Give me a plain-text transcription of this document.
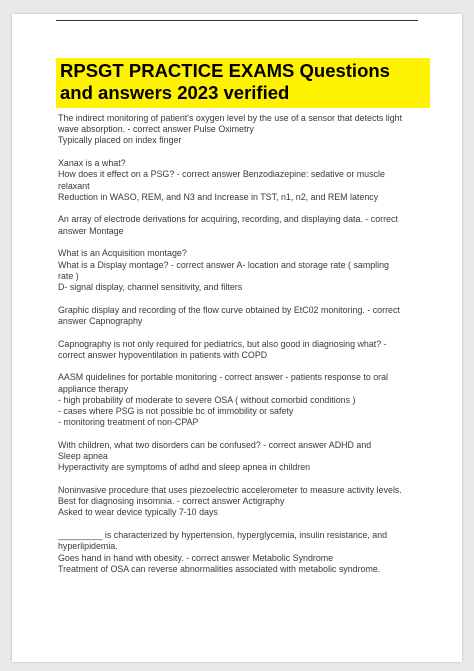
RPSGT PRACTICE EXAMS Questions
and answers 2023 verified
The indirect monitoring of patient's oxygen level by the use of a sensor that detects light
wave absorption. - correct answer Pulse Oximetry
Typically placed on index finger
Xanax is a what?
How does it effect on a PSG? - correct answer Benzodiazepine: sedative or muscle
relaxant
Reduction in WASO, REM, and N3 and Increase in TST, n1, n2, and REM latency
An array of electrode derivations for acquiring, recording, and displaying data. - correct
answer Montage
What is an Acquisition montage?
What is a Display montage? - correct answer A- location and storage rate ( sampling
rate )
D- signal display, channel sensitivity, and filters
Graphic display and recording of the flow curve obtained by EtC02 monitoring. - correct
answer Capnography
Capnography is not only required for pediatrics, but also good in diagnosing what? -
correct answer hypoventilation in patients with COPD
AASM quidelines for portable monitoring - correct answer - patients response to oral
appliance therapy
- high probability of moderate to severe OSA ( without comorbid conditions )
- cases where PSG is not possible bc of immobility or safety
- monitoring treatment of non-CPAP
With children, what two disorders can be confused? - correct answer ADHD and
Sleep apnea
Hyperactivity are symptoms of adhd and sleep apnea in children
Noninvasive procedure that uses piezoelectric accelerometer to measure activity levels.
Best for diagnosing insomnia. - correct answer Actigraphy
Asked to wear device typically 7-10 days
_________ is characterized by hypertension, hyperglycemia, insulin resistance, and
hyperlipidemia.
Goes hand in hand with obesity. - correct answer Metabolic Syndrome
Treatment of OSA can reverse abnormalities associated with metabolic syndrome.
